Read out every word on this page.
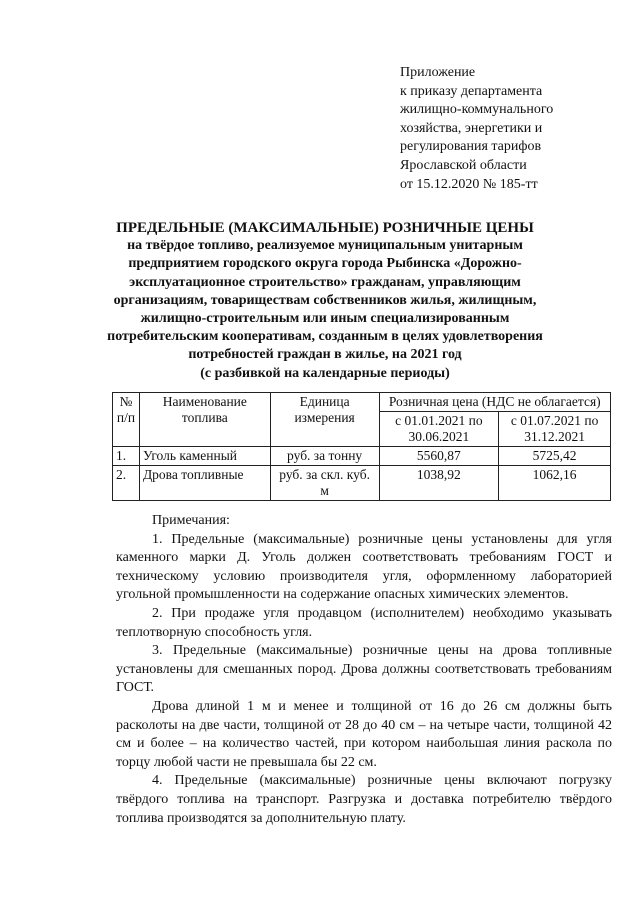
Приложение
к приказу департамента
жилищно-коммунального
хозяйства, энергетики и
регулирования тарифов
Ярославской области
от 15.12.2020 № 185-тт
ПРЕДЕЛЬНЫЕ (МАКСИМАЛЬНЫЕ) РОЗНИЧНЫЕ ЦЕНЫ
на твёрдое топливо, реализуемое муниципальным унитарным
предприятием городского округа города Рыбинска «Дорожно-
эксплуатационное строительство» гражданам, управляющим
организациям, товариществам собственников жилья, жилищным,
жилищно-строительным или иным специализированным
потребительским кооперативам, созданным в целях удовлетворения
потребностей граждан в жилье, на 2021 год
(с разбивкой на календарные периоды)
№ п/п	Наименование топлива	Единица измерения	Розничная цена (НДС не облагается)	
			с 01.01.2021 по 30.06.2021	с 01.07.2021 по 31.12.2021
1.	Уголь каменный	руб. за тонну	5560,87	5725,42
2.	Дрова топливные	руб. за скл. куб. м	1038,92	1062,16

Примечания:

1. Предельные (максимальные) розничные цены установлены для угля каменного марки Д. Уголь должен соответствовать требованиям ГОСТ и техническому условию производителя угля, оформленному лабораторией угольной промышленности на содержание опасных химических элементов.

2. При продаже угля продавцом (исполнителем) необходимо указывать теплотворную способность угля.

3. Предельные (максимальные) розничные цены на дрова топливные установлены для смешанных пород. Дрова должны соответствовать требованиям ГОСТ.

Дрова длиной 1 м и менее и толщиной от 16 до 26 см должны быть расколоты на две части, толщиной от 28 до 40 см – на четыре части, толщиной 42 см и более – на количество частей, при котором наибольшая линия раскола по торцу любой части не превышала бы 22 см.

4. Предельные (максимальные) розничные цены включают погрузку твёрдого топлива на транспорт. Разгрузка и доставка потребителю твёрдого топлива производятся за дополнительную плату.
